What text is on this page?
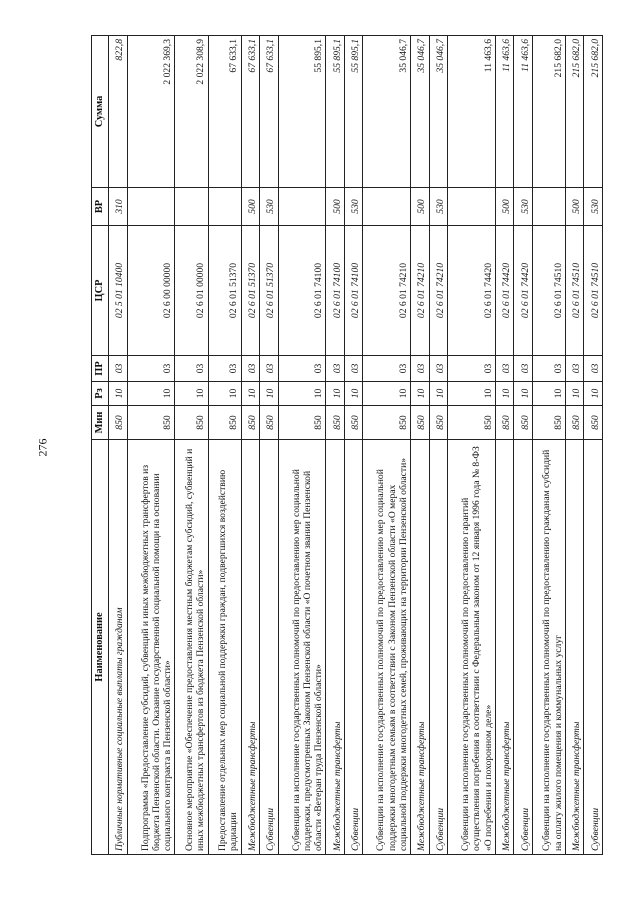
276
Наименование	Мин	Рз	ПР	ЦСР	ВР	Сумма
Публичные нормативные социальные выплаты гражданам	850	10	03	02 5 01 10400	310	822,8
Подпрограмма «Предоставление субсидий, субвенций и иных межбюджетных трансфертов из бюджета Пензенской области. Оказание государственной социальной помощи на основании социального контракта в Пензенской области»	850	10	03	02 6 00 00000		2 022 369,3
Основное мероприятие «Обеспечение предоставления местным бюджетам субсидий, субвенций и иных межбюджетных трансфертов из бюджета Пензенской области»	850	10	03	02 6 01 00000		2 022 308,9
Предоставление отдельных мер социальной поддержки граждан, подвергшихся воздействию радиации	850	10	03	02 6 01 51370		67 633,1
Межбюджетные трансферты	850	10	03	02 6 01 51370	500	67 633,1
Субвенции	850	10	03	02 6 01 51370	530	67 633,1
Субвенции на исполнение государственных полномочий по предоставлению мер социальной поддержки, предусмотренных Законом Пензенской области «О почетном звании Пензенской области «Ветеран труда Пензенской области»	850	10	03	02 6 01 74100		55 895,1
Межбюджетные трансферты	850	10	03	02 6 01 74100	500	55 895,1
Субвенции	850	10	03	02 6 01 74100	530	55 895,1
Субвенции на исполнение государственных полномочий по предоставлению мер социальной поддержки многодетным семьям в соответствии с Законом Пензенской области «О мерах социальной поддержки многодетных семей, проживающих на территории Пензенской области»	850	10	03	02 6 01 74210		35 046,7
Межбюджетные трансферты	850	10	03	02 6 01 74210	500	35 046,7
Субвенции	850	10	03	02 6 01 74210	530	35 046,7
Субвенции на исполнение государственных полномочий по предоставлению гарантий осуществления погребения в соответствии с Федеральным законом от 12 января 1996 года № 8-ФЗ «О погребении и похоронном деле»	850	10	03	02 6 01 74420		11 463,6
Межбюджетные трансферты	850	10	03	02 6 01 74420	500	11 463,6
Субвенции	850	10	03	02 6 01 74420	530	11 463,6
Субвенции на исполнение государственных полномочий по предоставлению гражданам субсидий на оплату жилого помещения и коммунальных услуг	850	10	03	02 6 01 74510		215 682,0
Межбюджетные трансферты	850	10	03	02 6 01 74510	500	215 682,0
Субвенции	850	10	03	02 6 01 74510	530	215 682,0
